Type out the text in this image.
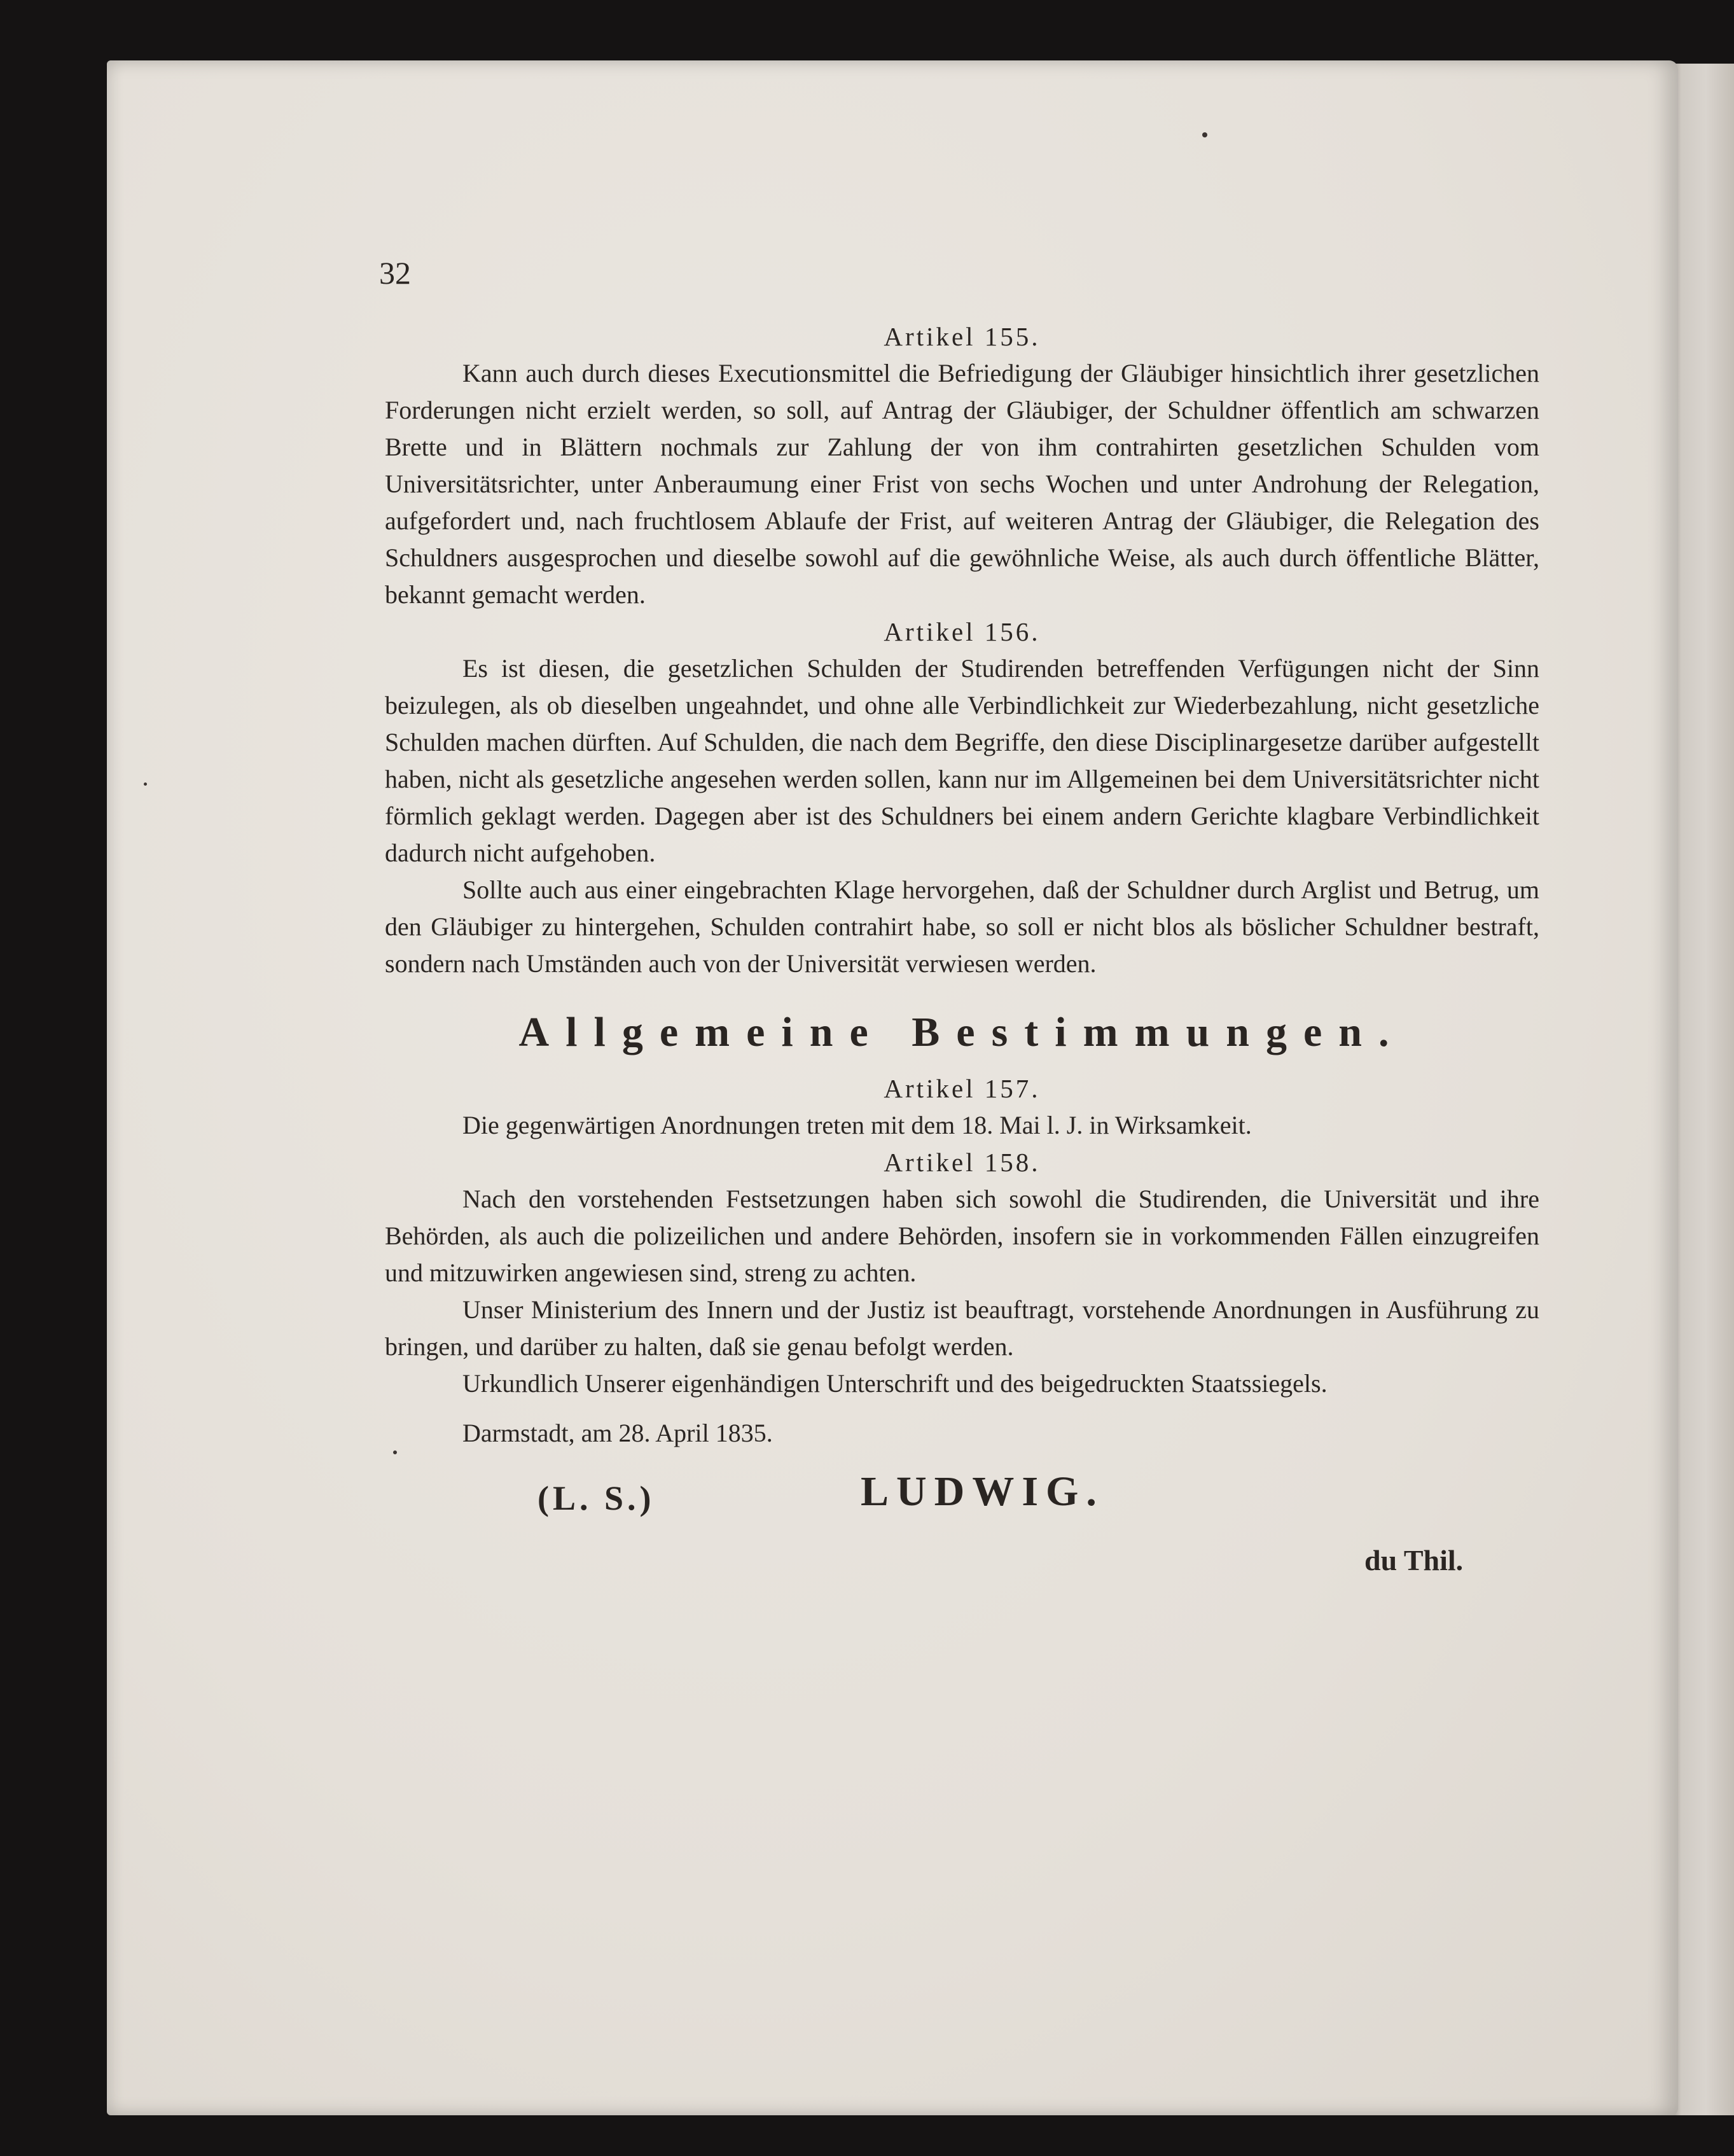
32

Artikel 155.

Kann auch durch dieses Executionsmittel die Befriedigung der Gläubiger hinsichtlich ihrer gesetzlichen Forderungen nicht erzielt werden, so soll, auf Antrag der Gläubiger, der Schuldner öffentlich am schwarzen Brette und in Blättern nochmals zur Zahlung der von ihm contrahirten gesetzlichen Schulden vom Universitätsrichter, unter Anberaumung einer Frist von sechs Wochen und unter Androhung der Relegation, aufgefordert und, nach fruchtlosem Ablaufe der Frist, auf weiteren Antrag der Gläubiger, die Relegation des Schuldners ausgesprochen und dieselbe sowohl auf die gewöhnliche Weise, als auch durch öffentliche Blätter, bekannt gemacht werden.

Artikel 156.

Es ist diesen, die gesetzlichen Schulden der Studirenden betreffenden Verfügungen nicht der Sinn beizulegen, als ob dieselben ungeahndet, und ohne alle Verbindlichkeit zur Wiederbezahlung, nicht gesetzliche Schulden machen dürften. Auf Schulden, die nach dem Begriffe, den diese Disciplinargesetze darüber aufgestellt haben, nicht als gesetzliche angesehen werden sollen, kann nur im Allgemeinen bei dem Universitätsrichter nicht förmlich geklagt werden. Dagegen aber ist des Schuldners bei einem andern Gerichte klagbare Verbindlichkeit dadurch nicht aufgehoben.

Sollte auch aus einer eingebrachten Klage hervorgehen, daß der Schuldner durch Arglist und Betrug, um den Gläubiger zu hintergehen, Schulden contrahirt habe, so soll er nicht blos als böslicher Schuldner bestraft, sondern nach Umständen auch von der Universität verwiesen werden.

Allgemeine Bestimmungen.

Artikel 157.

Die gegenwärtigen Anordnungen treten mit dem 18. Mai l. J. in Wirksamkeit.

Artikel 158.

Nach den vorstehenden Festsetzungen haben sich sowohl die Studirenden, die Universität und ihre Behörden, als auch die polizeilichen und andere Behörden, insofern sie in vorkommenden Fällen einzugreifen und mitzuwirken angewiesen sind, streng zu achten.

Unser Ministerium des Innern und der Justiz ist beauftragt, vorstehende Anordnungen in Ausführung zu bringen, und darüber zu halten, daß sie genau befolgt werden.

Urkundlich Unserer eigenhändigen Unterschrift und des beigedruckten Staatssiegels.

Darmstadt, am 28. April 1835.

(L. S.)	LUDWIG.
du Thil.
